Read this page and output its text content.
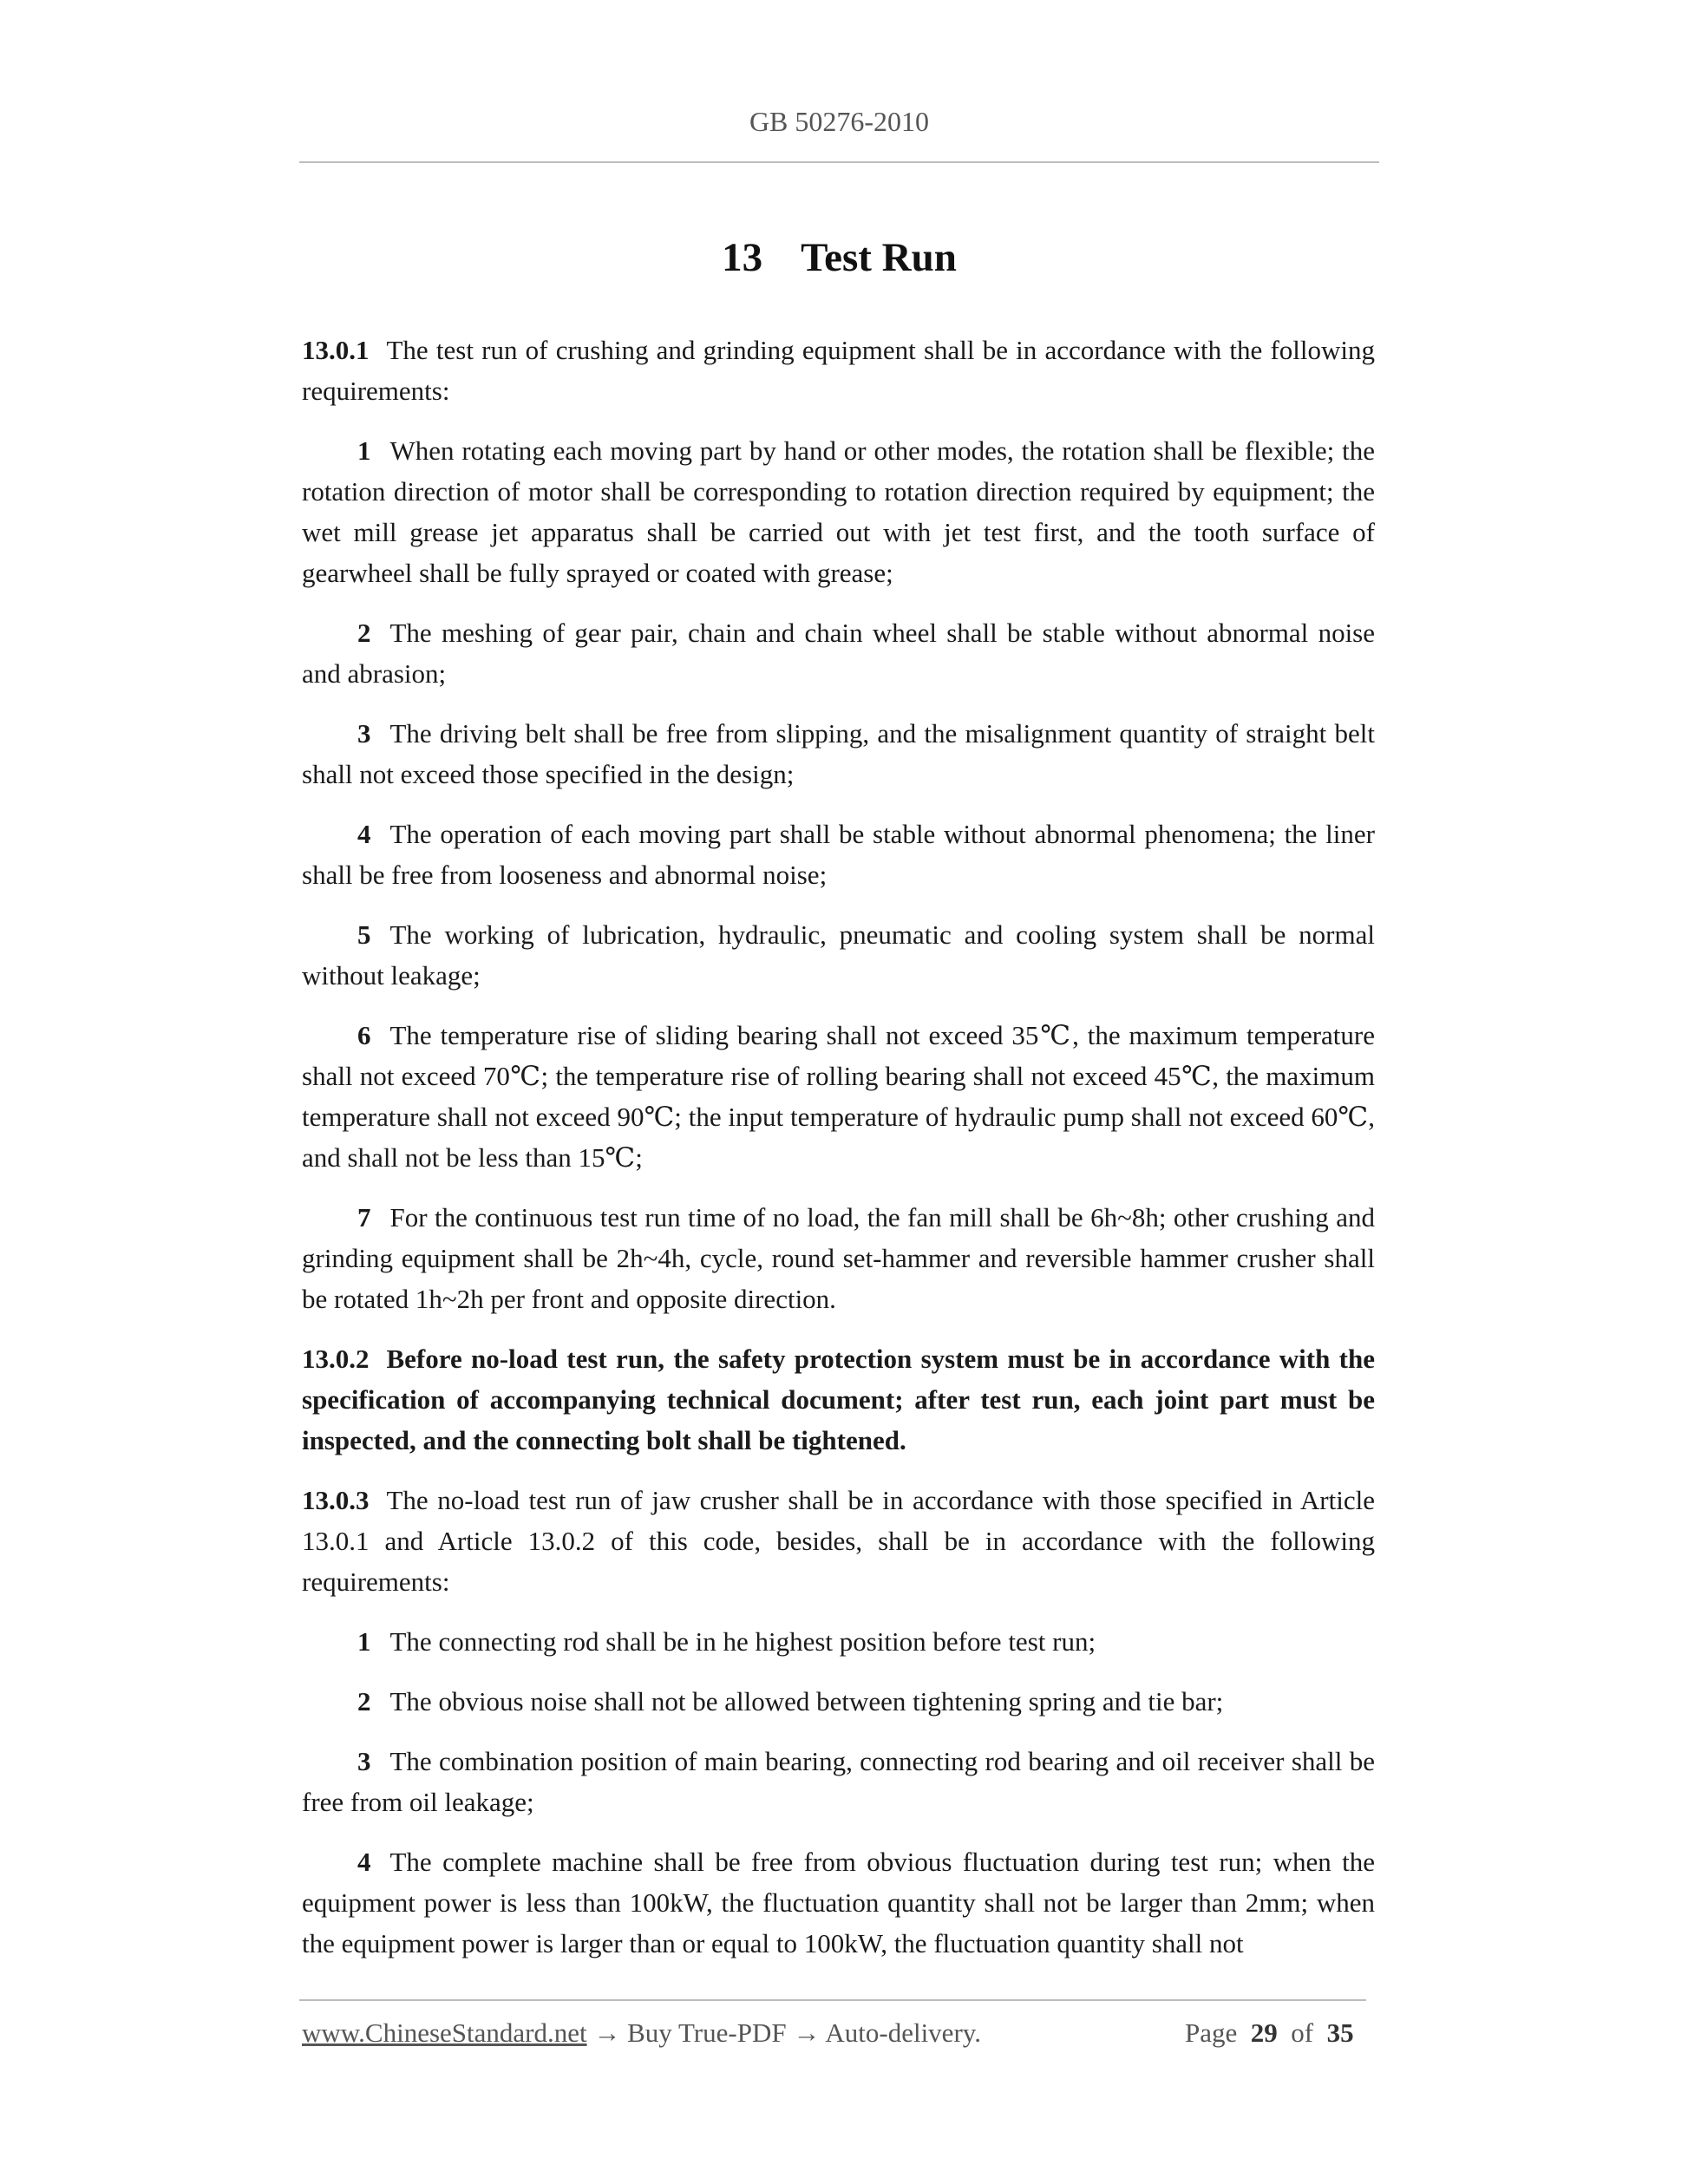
GB 50276-2010
13 Test Run

13.0.1 The test run of crushing and grinding equipment shall be in accordance with the following requirements:

1 When rotating each moving part by hand or other modes, the rotation shall be flexible; the rotation direction of motor shall be corresponding to rotation direction required by equipment; the wet mill grease jet apparatus shall be carried out with jet test first, and the tooth surface of gearwheel shall be fully sprayed or coated with grease;

2 The meshing of gear pair, chain and chain wheel shall be stable without abnormal noise and abrasion;

3 The driving belt shall be free from slipping, and the misalignment quantity of straight belt shall not exceed those specified in the design;

4 The operation of each moving part shall be stable without abnormal phenomena; the liner shall be free from looseness and abnormal noise;

5 The working of lubrication, hydraulic, pneumatic and cooling system shall be normal without leakage;

6 The temperature rise of sliding bearing shall not exceed 35℃, the maximum temperature shall not exceed 70℃; the temperature rise of rolling bearing shall not exceed 45℃, the maximum temperature shall not exceed 90℃; the input temperature of hydraulic pump shall not exceed 60℃, and shall not be less than 15℃;

7 For the continuous test run time of no load, the fan mill shall be 6h~8h; other crushing and grinding equipment shall be 2h~4h, cycle, round set-hammer and reversible hammer crusher shall be rotated 1h~2h per front and opposite direction.

13.0.2 Before no-load test run, the safety protection system must be in accordance with the specification of accompanying technical document; after test run, each joint part must be inspected, and the connecting bolt shall be tightened.

13.0.3 The no-load test run of jaw crusher shall be in accordance with those specified in Article 13.0.1 and Article 13.0.2 of this code, besides, shall be in accordance with the following requirements:

1 The connecting rod shall be in he highest position before test run;

2 The obvious noise shall not be allowed between tightening spring and tie bar;

3 The combination position of main bearing, connecting rod bearing and oil receiver shall be free from oil leakage;

4 The complete machine shall be free from obvious fluctuation during test run; when the equipment power is less than 100kW, the fluctuation quantity shall not be larger than 2mm; when the equipment power is larger than or equal to 100kW, the fluctuation quantity shall not

www.ChineseStandard.net → Buy True-PDF → Auto-delivery.	Page 29 of 35
